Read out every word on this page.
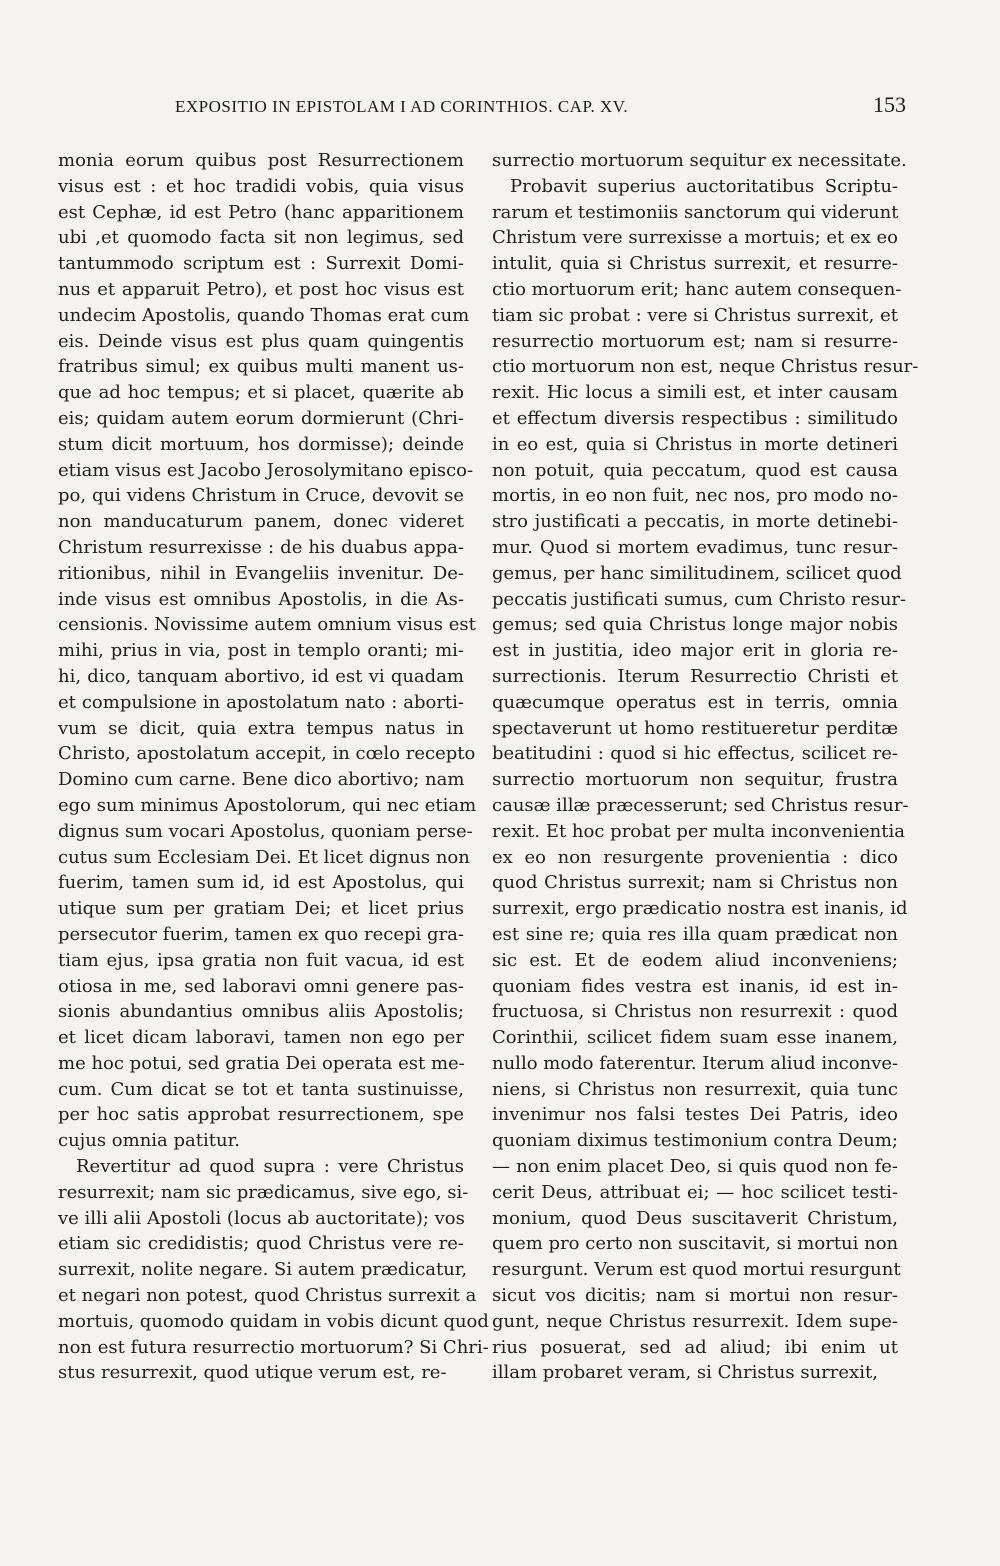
EXPOSITIO IN EPISTOLAM I AD CORINTHIOS. CAP. XV.	153
monia eorum quibus post Resurrectionem
visus est : et hoc tradidi vobis, quia visus
est Cephæ, id est Petro (hanc apparitionem
ubi ,et quomodo facta sit non legimus, sed
tantummodo scriptum est : Surrexit Domi-
nus et apparuit Petro), et post hoc visus est
undecim Apostolis, quando Thomas erat cum
eis. Deinde visus est plus quam quingentis
fratribus simul; ex quibus multi manent us-
que ad hoc tempus; et si placet, quærite ab
eis; quidam autem eorum dormierunt (Chri-
stum dicit mortuum, hos dormisse); deinde
etiam visus est Jacobo Jerosolymitano episco-
po, qui videns Christum in Cruce, devovit se
non manducaturum panem, donec videret
Christum resurrexisse : de his duabus appa-
ritionibus, nihil in Evangeliis invenitur. De-
inde visus est omnibus Apostolis, in die As-
censionis. Novissime autem omnium visus est
mihi, prius in via, post in templo oranti; mi-
hi, dico, tanquam abortivo, id est vi quadam
et compulsione in apostolatum nato : aborti-
vum se dicit, quia extra tempus natus in
Christo, apostolatum accepit, in cœlo recepto
Domino cum carne. Bene dico abortivo; nam
ego sum minimus Apostolorum, qui nec etiam
dignus sum vocari Apostolus, quoniam perse-
cutus sum Ecclesiam Dei. Et licet dignus non
fuerim, tamen sum id, id est Apostolus, qui
utique sum per gratiam Dei; et licet prius
persecutor fuerim, tamen ex quo recepi gra-
tiam ejus, ipsa gratia non fuit vacua, id est
otiosa in me, sed laboravi omni genere pas-
sionis abundantius omnibus aliis Apostolis;
et licet dicam laboravi, tamen non ego per
me hoc potui, sed gratia Dei operata est me-
cum. Cum dicat se tot et tanta sustinuisse,
per hoc satis approbat resurrectionem, spe
cujus omnia patitur.
Revertitur ad quod supra : vere Christus
resurrexit; nam sic prædicamus, sive ego, si-
ve illi alii Apostoli (locus ab auctoritate); vos
etiam sic credidistis; quod Christus vere re-
surrexit, nolite negare. Si autem prædicatur,
et negari non potest, quod Christus surrexit a
mortuis, quomodo quidam in vobis dicunt quod
non est futura resurrectio mortuorum? Si Chri-
stus resurrexit, quod utique verum est, re-
surrectio mortuorum sequitur ex necessitate.
Probavit superius auctoritatibus Scriptu-
rarum et testimoniis sanctorum qui viderunt
Christum vere surrexisse a mortuis; et ex eo
intulit, quia si Christus surrexit, et resurre-
ctio mortuorum erit; hanc autem consequen-
tiam sic probat : vere si Christus surrexit, et
resurrectio mortuorum est; nam si resurre-
ctio mortuorum non est, neque Christus resur-
rexit. Hic locus a simili est, et inter causam
et effectum diversis respectibus : similitudo
in eo est, quia si Christus in morte detineri
non potuit, quia peccatum, quod est causa
mortis, in eo non fuit, nec nos, pro modo no-
stro justificati a peccatis, in morte detinebi-
mur. Quod si mortem evadimus, tunc resur-
gemus, per hanc similitudinem, scilicet quod
peccatis justificati sumus, cum Christo resur-
gemus; sed quia Christus longe major nobis
est in justitia, ideo major erit in gloria re-
surrectionis. Iterum Resurrectio Christi et
quæcumque operatus est in terris, omnia
spectaverunt ut homo restitueretur perditæ
beatitudini : quod si hic effectus, scilicet re-
surrectio mortuorum non sequitur, frustra
causæ illæ præcesserunt; sed Christus resur-
rexit. Et hoc probat per multa inconvenientia
ex eo non resurgente provenientia : dico
quod Christus surrexit; nam si Christus non
surrexit, ergo prædicatio nostra est inanis, id
est sine re; quia res illa quam prædicat non
sic est. Et de eodem aliud inconveniens;
quoniam fides vestra est inanis, id est in-
fructuosa, si Christus non resurrexit : quod
Corinthii, scilicet fidem suam esse inanem,
nullo modo faterentur. Iterum aliud inconve-
niens, si Christus non resurrexit, quia tunc
invenimur nos falsi testes Dei Patris, ideo
quoniam diximus testimonium contra Deum;
— non enim placet Deo, si quis quod non fe-
cerit Deus, attribuat ei; — hoc scilicet testi-
monium, quod Deus suscitaverit Christum,
quem pro certo non suscitavit, si mortui non
resurgunt. Verum est quod mortui resurgunt
sicut vos dicitis; nam si mortui non resur-
gunt, neque Christus resurrexit. Idem supe-
rius posuerat, sed ad aliud; ibi enim ut
illam probaret veram, si Christus surrexit,
